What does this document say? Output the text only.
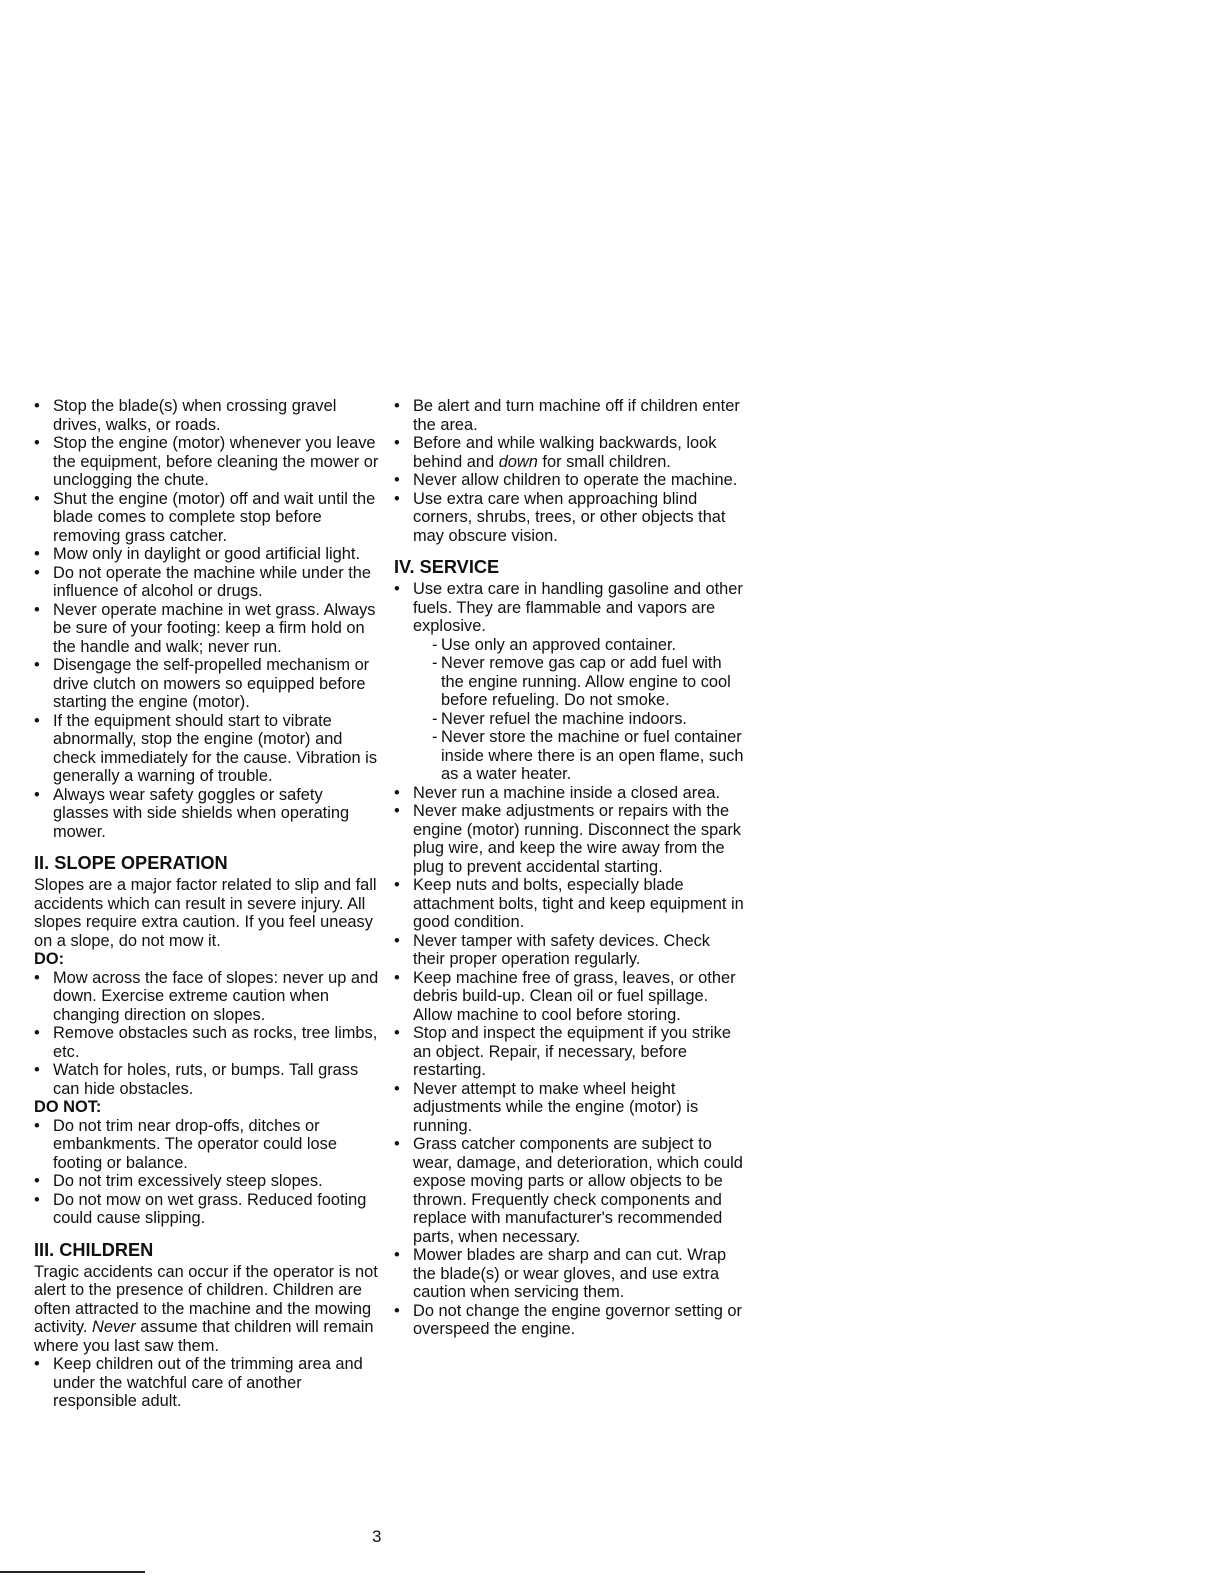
• Stop the blade(s) when crossing gravel drives, walks, or roads.
• Stop the engine (motor) whenever you leave the equipment, before cleaning the mower or unclogging the chute.
• Shut the engine (motor) off and wait until the blade comes to complete stop before removing grass catcher.
• Mow only in daylight or good artificial light.
• Do not operate the machine while under the influence of alcohol or drugs.
• Never operate machine in wet grass. Always be sure of your footing: keep a firm hold on the handle and walk; never run.
• Disengage the self-propelled mechanism or drive clutch on mowers so equipped before starting the engine (motor).
• If the equipment should start to vibrate abnormally, stop the engine (motor) and check immediately for the cause. Vibration is generally a warning of trouble.
• Always wear safety goggles or safety glasses with side shields when operating mower.
II. SLOPE OPERATION

Slopes are a major factor related to slip and fall accidents which can result in severe injury. All slopes require extra caution. If you feel uneasy on a slope, do not mow it.

DO:
• Mow across the face of slopes: never up and down. Exercise extreme caution when changing direction on slopes.
• Remove obstacles such as rocks, tree limbs, etc.
• Watch for holes, ruts, or bumps. Tall grass can hide obstacles.
DO NOT:
• Do not trim near drop-offs, ditches or embankments. The operator could lose footing or balance.
• Do not trim excessively steep slopes.
• Do not mow on wet grass. Reduced footing could cause slipping.
III. CHILDREN

Tragic accidents can occur if the operator is not alert to the presence of children. Children are often attracted to the machine and the mowing activity. Never assume that children will remain where you last saw them.

• Keep children out of the trimming area and under the watchful care of another responsible adult.
• Be alert and turn machine off if children enter the area.
• Before and while walking backwards, look behind and down for small children.
• Never allow children to operate the machine.
• Use extra care when approaching blind corners, shrubs, trees, or other objects that may obscure vision.
IV. SERVICE
• Use extra care in handling gasoline and other fuels. They are flammable and vapors are explosive.
- Use only an approved container.
- Never remove gas cap or add fuel with the engine running. Allow engine to cool before refueling. Do not smoke.
- Never refuel the machine indoors.
- Never store the machine or fuel container inside where there is an open flame, such as a water heater.
• Never run a machine inside a closed area.
• Never make adjustments or repairs with the engine (motor) running. Disconnect the spark plug wire, and keep the wire away from the plug to prevent accidental starting.
• Keep nuts and bolts, especially blade attachment bolts, tight and keep equipment in good condition.
• Never tamper with safety devices. Check their proper operation regularly.
• Keep machine free of grass, leaves, or other debris build-up. Clean oil or fuel spillage. Allow machine to cool before storing.
• Stop and inspect the equipment if you strike an object. Repair, if necessary, before restarting.
• Never attempt to make wheel height adjustments while the engine (motor) is running.
• Grass catcher components are subject to wear, damage, and deterioration, which could expose moving parts or allow objects to be thrown. Frequently check components and replace with manufacturer's recommended parts, when necessary.
• Mower blades are sharp and can cut. Wrap the blade(s) or wear gloves, and use extra caution when servicing them.
• Do not change the engine governor setting or overspeed the engine.
3
